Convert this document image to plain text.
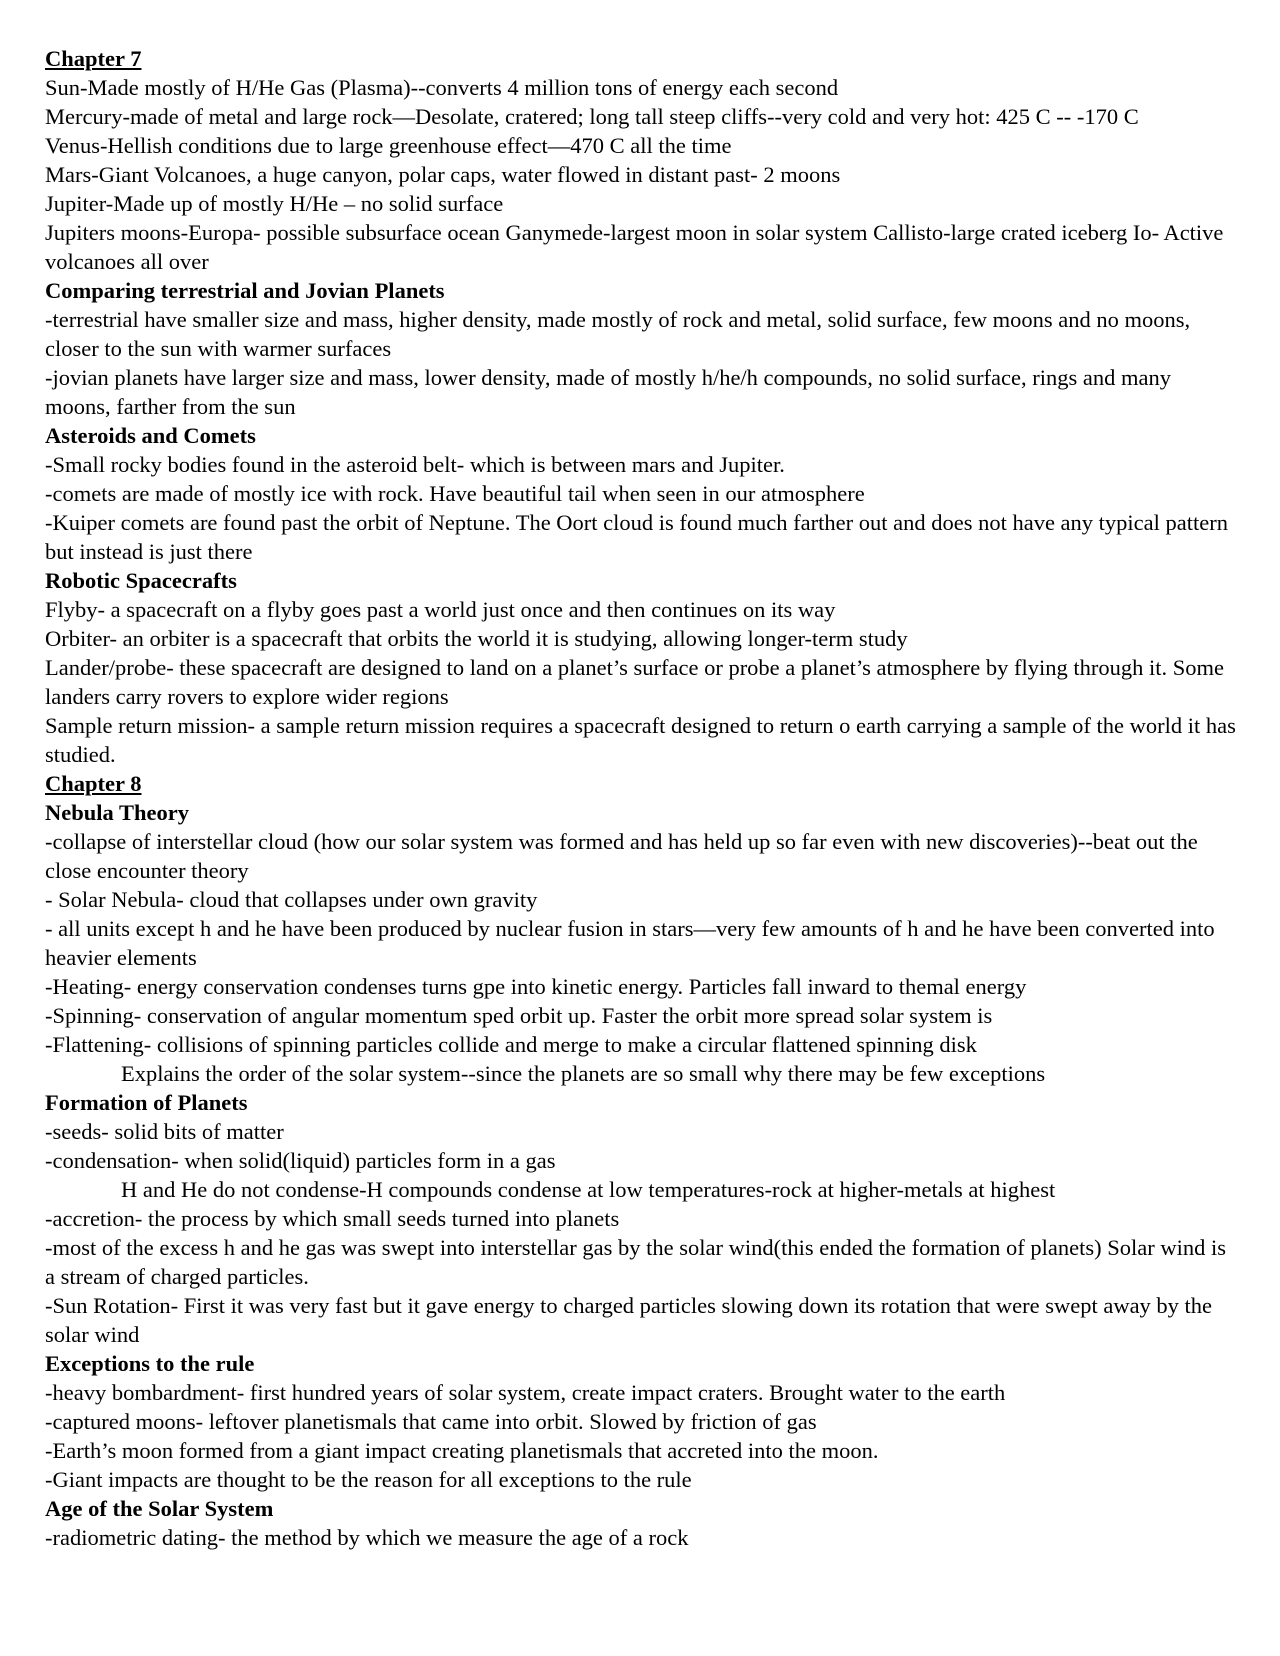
Chapter 7
Sun-Made mostly of H/He Gas (Plasma)--converts 4 million tons of energy each second
Mercury-made of metal and large rock—Desolate, cratered; long tall steep cliffs--very cold and very hot: 425 C -- -170 C
Venus-Hellish conditions due to large greenhouse effect—470 C all the time
Mars-Giant Volcanoes, a huge canyon, polar caps, water flowed in distant past- 2 moons
Jupiter-Made up of mostly H/He – no solid surface
Jupiters moons-Europa- possible subsurface ocean Ganymede-largest moon in solar system Callisto-large crated iceberg Io- Active volcanoes all over
Comparing terrestrial and Jovian Planets
-terrestrial have smaller size and mass, higher density, made mostly of rock and metal, solid surface, few moons and no moons, closer to the sun with warmer surfaces
-jovian planets have larger size and mass, lower density, made of mostly h/he/h compounds, no solid surface, rings and many moons, farther from the sun
Asteroids and Comets
-Small rocky bodies found in the asteroid belt- which is between mars and Jupiter.
-comets are made of mostly ice with rock. Have beautiful tail when seen in our atmosphere
-Kuiper comets are found past the orbit of Neptune. The Oort cloud is found much farther out and does not have any typical pattern but instead is just there
Robotic Spacecrafts
Flyby- a spacecraft on a flyby goes past a world just once and then continues on its way
Orbiter- an orbiter is a spacecraft that orbits the world it is studying, allowing longer-term study
Lander/probe- these spacecraft are designed to land on a planet’s surface or probe a planet’s atmosphere by flying through it. Some landers carry rovers to explore wider regions
Sample return mission- a sample return mission requires a spacecraft designed to return o earth carrying a sample of the world it has studied.
Chapter 8
Nebula Theory
-collapse of interstellar cloud (how our solar system was formed and has held up so far even with new discoveries)--beat out the close encounter theory
- Solar Nebula- cloud that collapses under own gravity
- all units except h and he have been produced by nuclear fusion in stars—very few amounts of h and he have been converted into heavier elements
-Heating- energy conservation condenses turns gpe into kinetic energy. Particles fall inward to themal energy
-Spinning- conservation of angular momentum sped orbit up. Faster the orbit more spread solar system is
-Flattening- collisions of spinning particles collide and merge to make a circular flattened spinning disk
Explains the order of the solar system--since the planets are so small why there may be few exceptions
Formation of Planets
-seeds- solid bits of matter
-condensation- when solid(liquid) particles form in a gas
H and He do not condense-H compounds condense at low temperatures-rock at higher-metals at highest
-accretion- the process by which small seeds turned into planets
-most of the excess h and he gas was swept into interstellar gas by the solar wind(this ended the formation of planets) Solar wind is a stream of charged particles.
-Sun Rotation- First it was very fast but it gave energy to charged particles slowing down its rotation that were swept away by the solar wind
Exceptions to the rule
-heavy bombardment- first hundred years of solar system, create impact craters. Brought water to the earth
-captured moons- leftover planetismals that came into orbit. Slowed by friction of gas
-Earth’s moon formed from a giant impact creating planetismals that accreted into the moon.
-Giant impacts are thought to be the reason for all exceptions to the rule
Age of the Solar System
-radiometric dating- the method by which we measure the age of a rock
